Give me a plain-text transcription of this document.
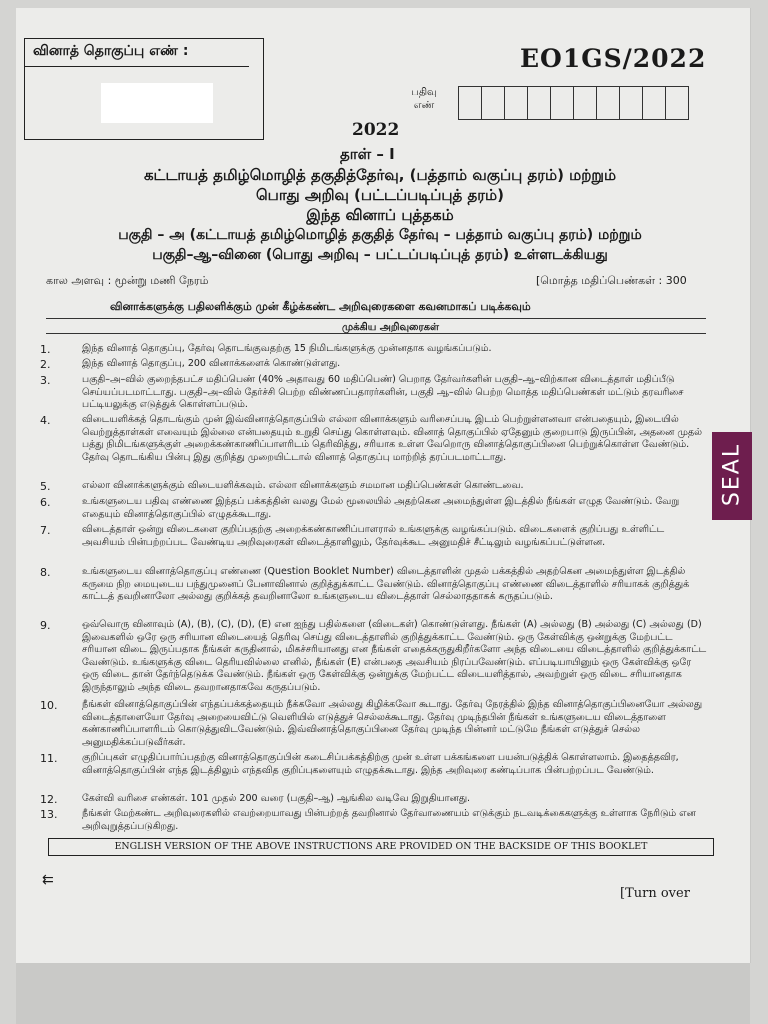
வினாத் தொகுப்பு எண் :	EO1GS/2022
பதிவு
எண்
2022
தாள் – I
கட்டாயத் தமிழ்மொழித் தகுதித்தேர்வு, (பத்தாம் வகுப்பு தரம்) மற்றும்
பொது அறிவு (பட்டப்படிப்புத் தரம்)
இந்த வினாப் புத்தகம்
பகுதி – அ (கட்டாயத் தமிழ்மொழித் தகுதித் தேர்வு – பத்தாம் வகுப்பு தரம்) மற்றும்
பகுதி–ஆ–வினை (பொது அறிவு – பட்டப்படிப்புத் தரம்) உள்ளடக்கியது
கால அளவு : மூன்று மணி நேரம்	[மொத்த மதிப்பெண்கள் : 300
வினாக்களுக்கு பதிலளிக்கும் முன் கீழ்க்கண்ட அறிவுரைகளை கவனமாகப் படிக்கவும்
முக்கிய அறிவுரைகள்
1.	இந்த வினாத் தொகுப்பு, தேர்வு தொடங்குவதற்கு 15 நிமிடங்களுக்கு முன்னதாக வழங்கப்படும்.
2.	இந்த வினாத் தொகுப்பு, 200 வினாக்களைக் கொண்டுள்ளது.
3.	பகுதி–அ–வில் குறைந்தபட்ச மதிப்பெண் (40% அதாவது 60 மதிப்பெண்) பெறாத தேர்வர்களின் பகுதி–ஆ–விற்கான விடைத்தாள் மதிப்பீடு செய்யப்படமாட்டாது. பகுதி–அ–வில் தேர்ச்சி பெற்ற விண்ணப்பதாரர்களின், பகுதி ஆ–வில் பெற்ற மொத்த மதிப்பெண்கள் மட்டும் தரவரிசை பட்டியலுக்கு எடுத்துக் கொள்ளப்படும்.
4.	விடையளிக்கத் தொடங்கும் முன் இவ்வினாத்தொகுப்பில் எல்லா வினாக்களும் வரிசைப்படி இடம் பெற்றுள்ளனவா என்பதையும், இடையில் வெற்றுத்தாள்கள் எவையும் இல்லை என்பதையும் உறுதி செய்து கொள்ளவும். வினாத் தொகுப்பில் ஏதேனும் குறைபாடு இருப்பின், அதனை முதல் பத்து நிமிடங்களுக்குள் அறைக்கண்காணிப்பாளரிடம் தெரிவித்து, சரியாக உள்ள வேறொரு வினாத்தொகுப்பினை பெற்றுக்கொள்ள வேண்டும். தேர்வு தொடங்கிய பின்பு இது குறித்து முறையிட்டால் வினாத் தொகுப்பு மாற்றித் தரப்படமாட்டாது.
5.	எல்லா வினாக்களுக்கும் விடையளிக்கவும். எல்லா வினாக்களும் சமமான மதிப்பெண்கள் கொண்டவை.
6.	உங்களுடைய பதிவு எண்ணை இந்தப் பக்கத்தின் வலது மேல் மூலையில் அதற்கென அமைந்துள்ள இடத்தில் நீங்கள் எழுத வேண்டும். வேறு எதையும் வினாத்தொகுப்பில் எழுதக்கூடாது.
7.	விடைத்தாள் ஒன்று விடைகளை குறிப்பதற்கு அறைக்கண்காணிப்பாளரால் உங்களுக்கு வழங்கப்படும். விடைகளைக் குறிப்பது உள்ளிட்ட அவசியம் பின்பற்றப்பட வேண்டிய அறிவுரைகள் விடைத்தாளிலும், தேர்வுக்கூட அனுமதிச் சீட்டிலும் வழங்கப்பட்டுள்ளன.
8.	உங்களுடைய வினாத்தொகுப்பு எண்ணை (Question Booklet Number) விடைத்தாளின் முதல் பக்கத்தில் அதற்கென அமைந்துள்ள இடத்தில் கருமை நிற மையுடைய பந்துமுனைப் பேனாவினால் குறித்துக்காட்ட வேண்டும். வினாத்தொகுப்பு எண்ணை விடைத்தாளில் சரியாகக் குறித்துக் காட்டத் தவறினாலோ அல்லது குறிக்கத் தவறினாலோ உங்களுடைய விடைத்தாள் செல்லாததாகக் கருதப்படும்.
9.	ஒவ்வொரு வினாவும் (A), (B), (C), (D), (E) என ஐந்து பதில்களை (விடைகள்) கொண்டுள்ளது. நீங்கள் (A) அல்லது (B) அல்லது (C) அல்லது (D) இவைகளில் ஒரே ஒரு சரியான விடையைத் தெரிவு செய்து விடைத்தாளில் குறித்துக்காட்ட வேண்டும். ஒரு கேள்விக்கு ஒன்றுக்கு மேற்பட்ட சரியான விடை இருப்பதாக நீங்கள் கருதினால், மிகச்சரியானது என நீங்கள் எதைக்கருதுகிறீர்களோ அந்த விடையை விடைத்தாளில் குறித்துக்காட்ட வேண்டும். உங்களுக்கு விடை தெரியவில்லை எனில், நீங்கள் (E) என்பதை அவசியம் நிரப்பவேண்டும். எப்படியாயினும் ஒரு கேள்விக்கு ஒரே ஒரு விடை தான் தேர்ந்தெடுக்க வேண்டும். நீங்கள் ஒரு கேள்விக்கு ஒன்றுக்கு மேற்பட்ட விடையளித்தால், அவற்றுள் ஒரு விடை சரியானதாக இருந்தாலும் அந்த விடை தவறானதாகவே கருதப்படும்.
10.	நீங்கள் வினாத்தொகுப்பின் எந்தப்பக்கத்தையும் நீக்கவோ அல்லது கிழிக்கவோ கூடாது. தேர்வு நேரத்தில் இந்த வினாத்தொகுப்பினையோ அல்லது விடைத்தாளையோ தேர்வு அறையைவிட்டு வெளியில் எடுத்துச் செல்லக்கூடாது. தேர்வு முடிந்தபின் நீங்கள் உங்களுடைய விடைத்தாளை கண்காணிப்பாளரிடம் கொடுத்துவிடவேண்டும். இவ்வினாத்தொகுப்பினை தேர்வு முடிந்த பின்னர் மட்டுமே நீங்கள் எடுத்துச் செல்ல அனுமதிக்கப்படுவீர்கள்.
11.	குறிப்புகள் எழுதிப்பார்ப்பதற்கு வினாத்தொகுப்பின் கடைசிப்பக்கத்திற்கு முன் உள்ள பக்கங்களை பயன்படுத்திக் கொள்ளலாம். இதைத்தவிர, வினாத்தொகுப்பின் எந்த இடத்திலும் எந்தவித குறிப்புகளையும் எழுதக்கூடாது. இந்த அறிவுரை கண்டிப்பாக பின்பற்றப்பட வேண்டும்.
12.	கேள்வி வரிசை எண்கள். 101 முதல் 200 வரை (பகுதி–ஆ) ஆங்கில வடிவே இறுதியானது.
13.	நீங்கள் மேற்கண்ட அறிவுரைகளில் எவற்றையாவது பின்பற்றத் தவறினால் தேர்வாணையம் எடுக்கும் நடவடிக்கைகளுக்கு உள்ளாக நேரிடும் என அறிவுறுத்தப்படுகிறது.
ENGLISH VERSION OF THE ABOVE INSTRUCTIONS ARE PROVIDED ON THE BACKSIDE OF THIS BOOKLET
⇇
[Turn over
SEAL
